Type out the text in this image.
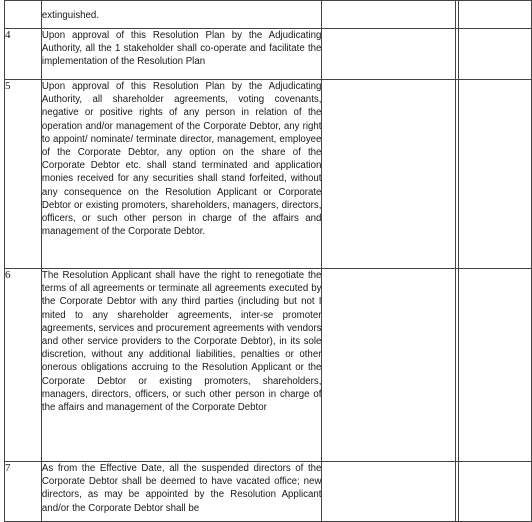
	extinguished.			
4	Upon approval of this Resolution Plan by the Adjudicating Authority, all the 1 stakeholder shall co-operate and facilitate the implementation of the Resolution Plan			
5	Upon approval of this Resolution Plan by the Adjudicating Authority, all shareholder agreements, voting covenants, negative or positive rights of any person in relation of the operation and/or management of the Corporate Debtor, any right to appoint/ nominate/ terminate director, management, employee of the Corporate Debtor, any option on the share of the Corporate Debtor etc. shall stand terminated and application monies received for any securities shall stand forfeited, without any consequence on the Resolution Applicant or Corporate Debtor or existing promoters, shareholders, managers, directors, officers, or such other person in charge of the affairs and management of the Corporate Debtor.			
6	The Resolution Applicant shall have the right to renegotiate the terms of all agreements or terminate all agreements executed by the Corporate Debtor with any third parties (including but not I mited to any shareholder agreements, inter-se promoter agreements, services and procurement agreements with vendors and other service providers to the Corporate Debtor), in its sole discretion, without any additional liabilities, penalties or other onerous obligations accruing to the Resolution Applicant or the Corporate Debtor or existing promoters, shareholders, managers, directors, officers, or such other person in charge of the affairs and management of the Corporate Debtor			
7	As from the Effective Date, all the suspended directors of the Corporate Debtor shall be deemed to have vacated office; new directors, as may be appointed by the Resolution Applicant and/or the Corporate Debtor shall be			
